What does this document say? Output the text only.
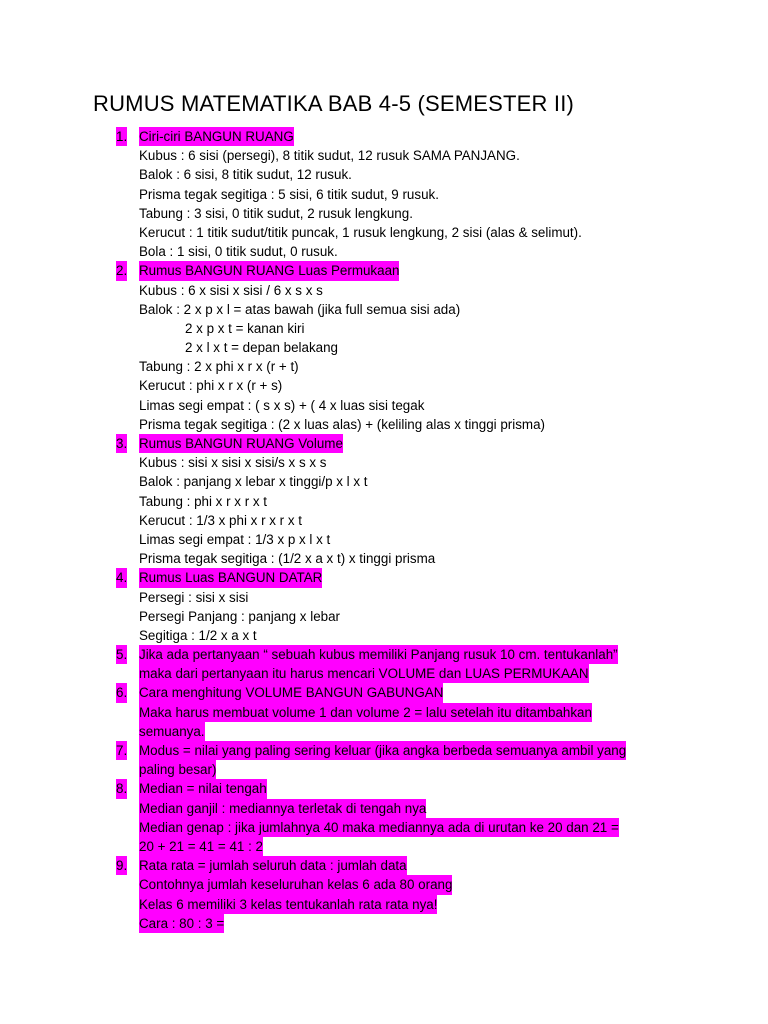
RUMUS MATEMATIKA BAB 4-5 (SEMESTER II)
1. Ciri-ciri BANGUN RUANG
Kubus : 6 sisi (persegi), 8 titik sudut, 12 rusuk SAMA PANJANG.
Balok : 6 sisi, 8 titik sudut, 12 rusuk.
Prisma tegak segitiga : 5 sisi, 6 titik sudut, 9 rusuk.
Tabung : 3 sisi, 0 titik sudut, 2 rusuk lengkung.
Kerucut : 1 titik sudut/titik puncak, 1 rusuk lengkung, 2 sisi (alas & selimut).
Bola : 1 sisi, 0 titik sudut, 0 rusuk.
2. Rumus BANGUN RUANG Luas Permukaan
Kubus : 6 x sisi x sisi / 6 x s x s
Balok : 2 x p x l = atas bawah (jika full semua sisi ada)
2 x p x t = kanan kiri
2 x l x t = depan belakang
Tabung : 2 x phi x r x (r + t)
Kerucut : phi x r x (r + s)
Limas segi empat : ( s x s) + ( 4 x luas sisi tegak
Prisma tegak segitiga : (2 x luas alas) + (keliling alas x tinggi prisma)
3. Rumus BANGUN RUANG Volume
Kubus : sisi x sisi x sisi/s x s x s
Balok : panjang x lebar x tinggi/p x l x t
Tabung : phi x r x r x t
Kerucut : 1/3 x phi x r x r x t
Limas segi empat : 1/3 x p x l x t
Prisma tegak segitiga : (1/2 x a x t) x tinggi prisma
4. Rumus Luas BANGUN DATAR
Persegi : sisi x sisi
Persegi Panjang : panjang x lebar
Segitiga : 1/2 x a x t
5. Jika ada pertanyaan “ sebuah kubus memiliki Panjang rusuk 10 cm. tentukanlah”
maka dari pertanyaan itu harus mencari VOLUME dan LUAS PERMUKAAN
6. Cara menghitung VOLUME BANGUN GABUNGAN
Maka harus membuat volume 1 dan volume 2 = lalu setelah itu ditambahkan
semuanya.
7. Modus = nilai yang paling sering keluar (jika angka berbeda semuanya ambil yang
paling besar)
8. Median = nilai tengah
Median ganjil : mediannya terletak di tengah nya
Median genap : jika jumlahnya 40 maka mediannya ada di urutan ke 20 dan 21 =
20 + 21 = 41 = 41 : 2
9. Rata rata = jumlah seluruh data : jumlah data
Contohnya jumlah keseluruhan kelas 6 ada 80 orang
Kelas 6 memiliki 3 kelas tentukanlah rata rata nya!
Cara : 80 : 3 =
